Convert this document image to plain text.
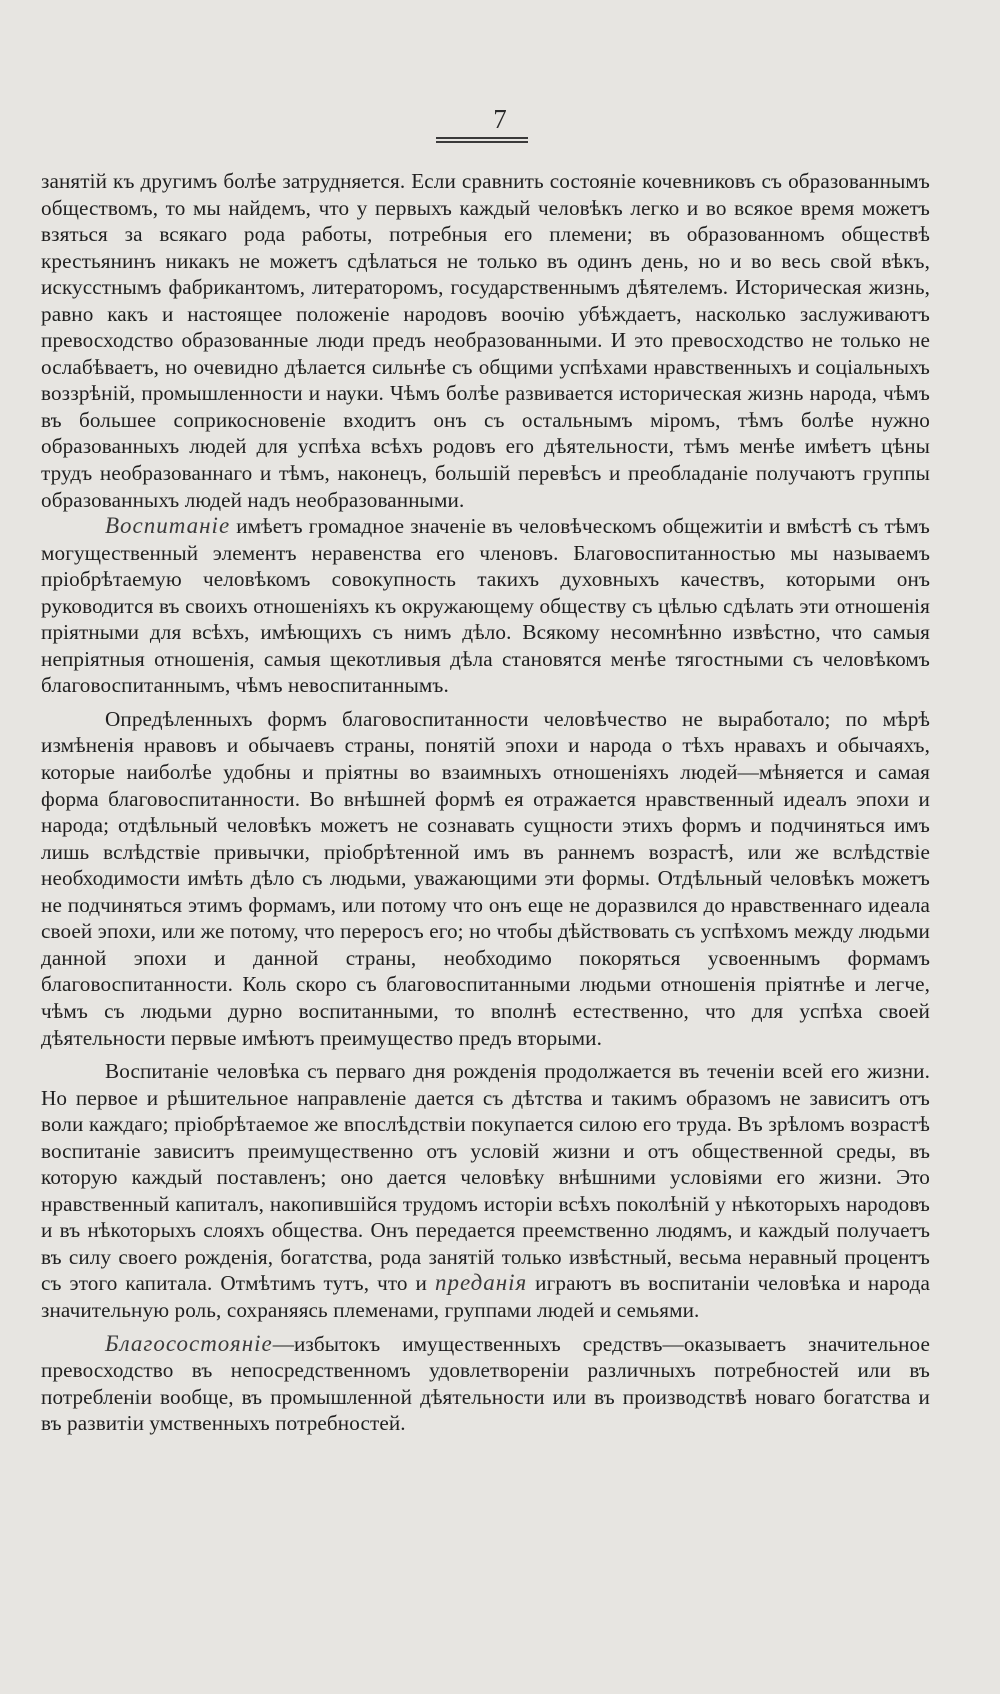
7

занятій къ другимъ болѣе затрудняется. Если сравнить состояніе кочевниковъ съ образованнымъ обществомъ, то мы найдемъ, что у первыхъ каждый человѣкъ легко и во всякое время можетъ взяться за всякаго рода работы, потребныя его племени; въ образованномъ обществѣ крестьянинъ никакъ не можетъ сдѣлаться не только въ одинъ день, но и во весь свой вѣкъ, искусстнымъ фабрикантомъ, литераторомъ, государственнымъ дѣятелемъ. Историческая жизнь, равно какъ и настоящее положеніе народовъ воочію убѣждаетъ, насколько заслуживаютъ превосходство образованные люди предъ необразованными. И это превосходство не только не ослабѣваетъ, но очевидно дѣлается сильнѣе съ общими успѣхами нравственныхъ и соціальныхъ воззрѣній, промышленности и науки. Чѣмъ болѣе развивается историческая жизнь народа, чѣмъ въ большее соприкосновеніе входитъ онъ съ остальнымъ міромъ, тѣмъ болѣе нужно образованныхъ людей для успѣха всѣхъ родовъ его дѣятельности, тѣмъ менѣе имѣетъ цѣны трудъ необразованнаго и тѣмъ, наконецъ, большій перевѣсъ и преобладаніе получаютъ группы образованныхъ людей надъ необразованными.

Воспитаніе имѣетъ громадное значеніе въ человѣческомъ общежитіи и вмѣстѣ съ тѣмъ могущественный элементъ неравенства его членовъ. Благовоспитанностью мы называемъ пріобрѣтаемую человѣкомъ совокупность такихъ духовныхъ качествъ, которыми онъ руководится въ своихъ отношеніяхъ къ окружающему обществу съ цѣлью сдѣлать эти отношенія пріятными для всѣхъ, имѣющихъ съ нимъ дѣло. Всякому несомнѣнно извѣстно, что самыя непріятныя отношенія, самыя щекотливыя дѣла становятся менѣе тягостными съ человѣкомъ благовоспитаннымъ, чѣмъ невоспитаннымъ.

Опредѣленныхъ формъ благовоспитанности человѣчество не выработало; по мѣрѣ измѣненія нравовъ и обычаевъ страны, понятій эпохи и народа о тѣхъ нравахъ и обычаяхъ, которые наиболѣе удобны и пріятны во взаимныхъ отношеніяхъ людей—мѣняется и самая форма благовоспитанности. Во внѣшней формѣ ея отражается нравственный идеалъ эпохи и народа; отдѣльный человѣкъ можетъ не сознавать сущности этихъ формъ и подчиняться имъ лишь вслѣдствіе привычки, пріобрѣтенной имъ въ раннемъ возрастѣ, или же вслѣдствіе необходимости имѣть дѣло съ людьми, уважающими эти формы. Отдѣльный человѣкъ можетъ не подчиняться этимъ формамъ, или потому что онъ еще не доразвился до нравственнаго идеала своей эпохи, или же потому, что переросъ его; но чтобы дѣйствовать съ успѣхомъ между людьми данной эпохи и данной страны, необходимо покоряться усвоеннымъ формамъ благовоспитанности. Коль скоро съ благовоспитанными людьми отношенія пріятнѣе и легче, чѣмъ съ людьми дурно воспитанными, то вполнѣ естественно, что для успѣха своей дѣятельности первые имѣютъ преимущество предъ вторыми.

Воспитаніе человѣка съ перваго дня рожденія продолжается въ теченіи всей его жизни. Но первое и рѣшительное направленіе дается съ дѣтства и такимъ образомъ не зависитъ отъ воли каждаго; пріобрѣтаемое же впослѣдствіи покупается силою его труда. Въ зрѣломъ возрастѣ воспитаніе зависитъ преимущественно отъ условій жизни и отъ общественной среды, въ которую каждый поставленъ; оно дается человѣку внѣшними условіями его жизни. Это нравственный капиталъ, накопившійся трудомъ исторіи всѣхъ поколѣній у нѣкоторыхъ народовъ и въ нѣкоторыхъ слояхъ общества. Онъ передается преемственно людямъ, и каждый получаетъ въ силу своего рожденія, богатства, рода занятій только извѣстный, весьма неравный процентъ съ этого капитала. Отмѣтимъ тутъ, что и преданія играютъ въ воспитаніи человѣка и народа значительную роль, сохраняясь племенами, группами людей и семьями.

Благосостояніе—избытокъ имущественныхъ средствъ—оказываетъ значительное превосходство въ непосредственномъ удовлетвореніи различныхъ потребностей или въ потребленіи вообще, въ промышленной дѣятельности или въ производствѣ новаго богатства и въ развитіи умственныхъ потребностей.
